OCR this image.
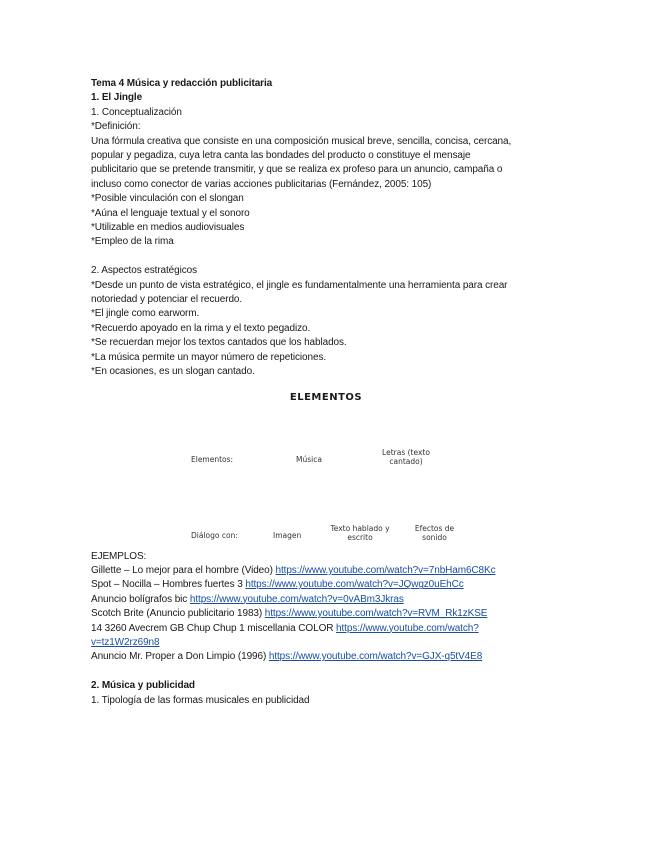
Tema 4 Música y redacción publicitaria
1. El Jingle
1. Conceptualización
*Definición:
Una fórmula creativa que consiste en una composición musical breve, sencilla, concisa, cercana,
popular y pegadiza, cuya letra canta las bondades del producto o constituye el mensaje
publicitario que se pretende transmitir, y que se realiza ex profeso para un anuncio, campaña o
incluso como conector de varias acciones publicitarias (Fernández, 2005: 105)
*Posible vinculación con el slongan
*Aúna el lenguaje textual y el sonoro
*Utilizable en medios audiovisuales
*Empleo de la rima
2. Aspectos estratégicos
*Desde un punto de vista estratégico, el jingle es fundamentalmente una herramienta para crear
notoriedad y potenciar el recuerdo.
*El jingle como earworm.
*Recuerdo apoyado en la rima y el texto pegadizo.
*Se recuerdan mejor los textos cantados que los hablados.
*La música permite un mayor número de repeticiones.
*En ocasiones, es un slogan cantado.
ELEMENTOS
Elementos:	Música
Letras (texto
cantado)
Diálogo con:	Imagen
Texto hablado y
escrito
Efectos de
sonido
EJEMPLOS:
Gillette – Lo mejor para el hombre (Video) https://www.youtube.com/watch?v=7nbHam6C8Kc
Spot – Nocilla – Hombres fuertes 3 https://www.youtube.com/watch?v=JQwgz0uEhCc
Anuncio bolígrafos bic https://www.youtube.com/watch?v=0vABm3Jkras
Scotch Brite (Anuncio publicitario 1983) https://www.youtube.com/watch?v=RVM_Rk1zKSE
14 3260 Avecrem GB Chup Chup 1 miscellania COLOR https://www.youtube.com/watch?
v=tz1W2rz69n8
Anuncio Mr. Proper a Don Limpio (1996) https://www.youtube.com/watch?v=GJX-q5tV4E8
2. Música y publicidad
1. Tipología de las formas musicales en publicidad
